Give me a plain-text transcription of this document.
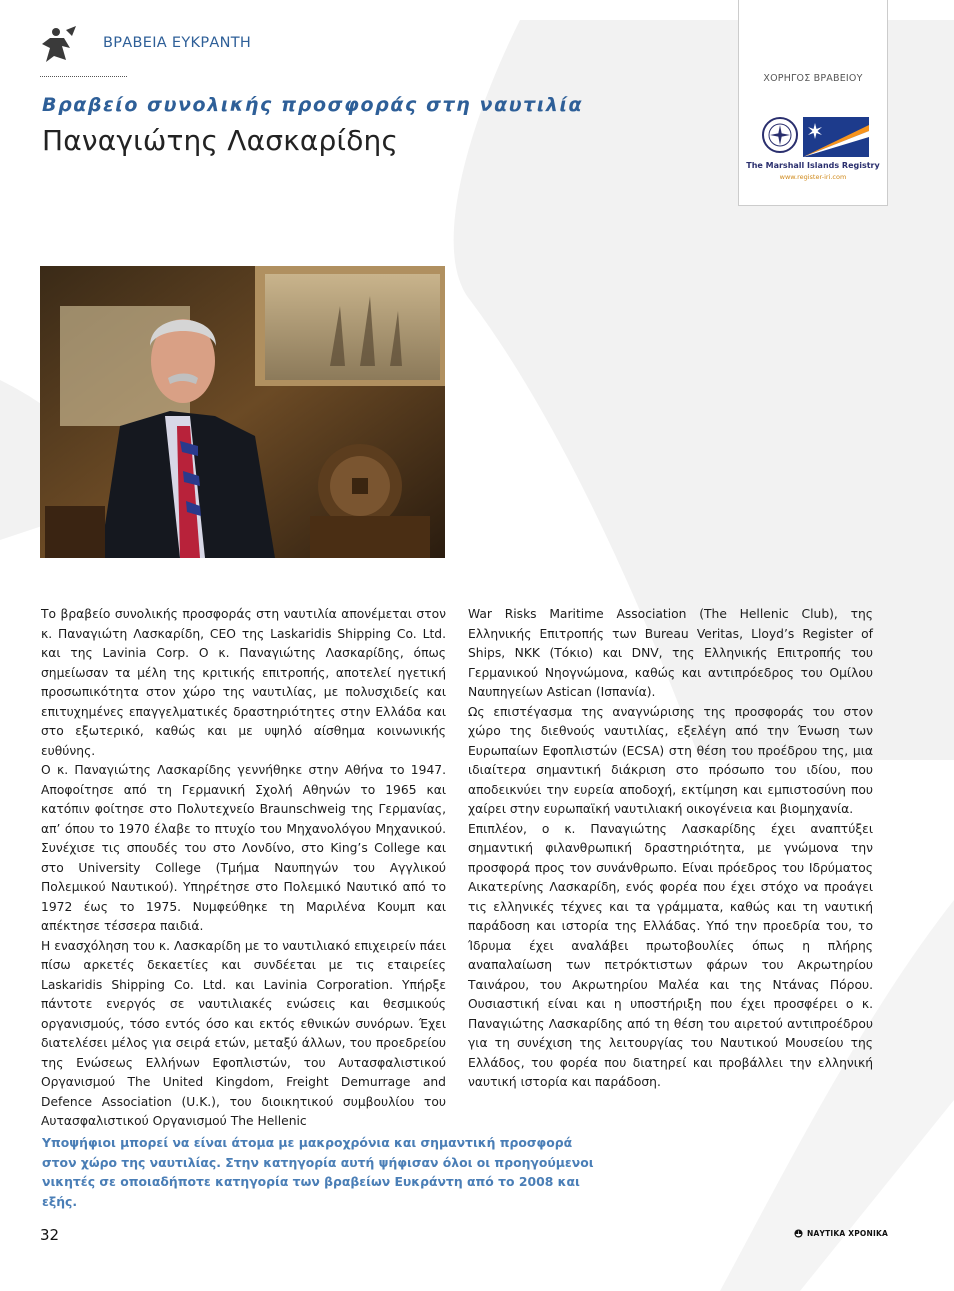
ΒΡΑΒΕΙΑ ΕΥΚΡΑΝΤΗ
ΧΟΡΗΓΟΣ ΒΡΑΒΕΙΟΥ
The Marshall Islands Registry
www.register-iri.com
Βραβείο συνολικής προσφοράς στη ναυτιλία
Παναγιώτης Λασκαρίδης

Το βραβείο συνολικής προσφοράς στη ναυτιλία απονέμεται στον κ. Παναγιώτη Λασκαρίδη, CEO της Laskaridis Shipping Co. Ltd. και της Lavinia Corp. Ο κ. Παναγιώτης Λασκαρίδης, όπως σημείωσαν τα μέλη της κριτικής επιτροπής, αποτελεί ηγετική προσωπικότητα στον χώρο της ναυτιλίας, με πολυσχιδείς και επιτυχημένες επαγγελματικές δραστηριότητες στην Ελλάδα και στο εξωτερικό, καθώς και με υψηλό αίσθημα κοινωνικής ευθύνης.

Ο κ. Παναγιώτης Λασκαρίδης γεννήθηκε στην Αθήνα το 1947. Αποφοίτησε από τη Γερμανική Σχολή Αθηνών το 1965 και κατόπιν φοίτησε στο Πολυτεχνείο Braunschweig της Γερμανίας, απ’ όπου το 1970 έλαβε το πτυχίο του Μηχανολόγου Μηχανικού. Συνέχισε τις σπουδές του στο Λονδίνο, στο King’s College και στο University College (Τμήμα Ναυπηγών του Αγγλικού Πολεμικού Ναυτικού). Υπηρέτησε στο Πολεμικό Ναυτικό από το 1972 έως το 1975. Νυμφεύθηκε τη Μαριλένα Κουμπ και απέκτησε τέσσερα παιδιά.

Η ενασχόληση του κ. Λασκαρίδη με το ναυτιλιακό επιχειρείν πάει πίσω αρκετές δεκαετίες και συνδέεται με τις εταιρείες Laskaridis Shipping Co. Ltd. και Lavinia Corporation. Υπήρξε πάντοτε ενεργός σε ναυτιλιακές ενώσεις και θεσμικούς οργανισμούς, τόσο εντός όσο και εκτός εθνικών συνόρων. Έχει διατελέσει μέλος για σειρά ετών, μεταξύ άλλων, του προεδρείου της Ενώσεως Ελλήνων Εφοπλιστών, του Αυτασφαλιστικού Οργανισμού The United Kingdom, Freight Demurrage and Defence Association (U.K.), του διοικητικού συμβουλίου του Αυτασφαλιστικού Οργανισμού The Hellenic

War Risks Maritime Association (The Hellenic Club), της Ελληνικής Επιτροπής των Bureau Veritas, Lloyd’s Register of Ships, NKK (Τόκιο) και DNV, της Ελληνικής Επιτροπής του Γερμανικού Νηογνώμονα, καθώς και αντιπρόεδρος του Ομίλου Ναυπηγείων Astican (Ισπανία).

Ως επιστέγασμα της αναγνώρισης της προσφοράς του στον χώρο της διεθνούς ναυτιλίας, εξελέγη από την Ένωση των Ευρωπαίων Εφοπλιστών (ECSA) στη θέση του προέδρου της, μια ιδιαίτερα σημαντική διάκριση στο πρόσωπο του ιδίου, που αποδεικνύει την ευρεία αποδοχή, εκτίμηση και εμπιστοσύνη που χαίρει στην ευρωπαϊκή ναυτιλιακή οικογένεια και βιομηχανία.

Επιπλέον, ο κ. Παναγιώτης Λασκαρίδης έχει αναπτύξει σημαντική φιλανθρωπική δραστηριότητα, με γνώμονα την προσφορά προς τον συνάνθρωπο. Είναι πρόεδρος του Ιδρύματος Αικατερίνης Λασκαρίδη, ενός φορέα που έχει στόχο να προάγει τις ελληνικές τέχνες και τα γράμματα, καθώς και τη ναυτική παράδοση και ιστορία της Ελλάδας. Υπό την προεδρία του, το Ίδρυμα έχει αναλάβει πρωτοβουλίες όπως η πλήρης αναπαλαίωση των πετρόκτιστων φάρων του Ακρωτηρίου Ταινάρου, του Ακρωτηρίου Μαλέα και της Ντάνας Πόρου. Ουσιαστική είναι και η υποστήριξη που έχει προσφέρει ο κ. Παναγιώτης Λασκαρίδης από τη θέση του αιρετού αντιπροέδρου για τη συνέχιση της λειτουργίας του Ναυτικού Μουσείου της Ελλάδος, του φορέα που διατηρεί και προβάλλει την ελληνική ναυτική ιστορία και παράδοση.

Υποψήφιοι μπορεί να είναι άτομα με μακροχρόνια και σημαντική προσφορά στον χώρο της ναυτιλίας. Στην κατηγορία αυτή ψήφισαν όλοι οι προηγούμενοι νικητές σε οποιαδήποτε κατηγορία των βραβείων Ευκράντη από το 2008 και εξής.
32	ΝΑΥΤΙΚΑ ΧΡΟΝΙΚΑ
